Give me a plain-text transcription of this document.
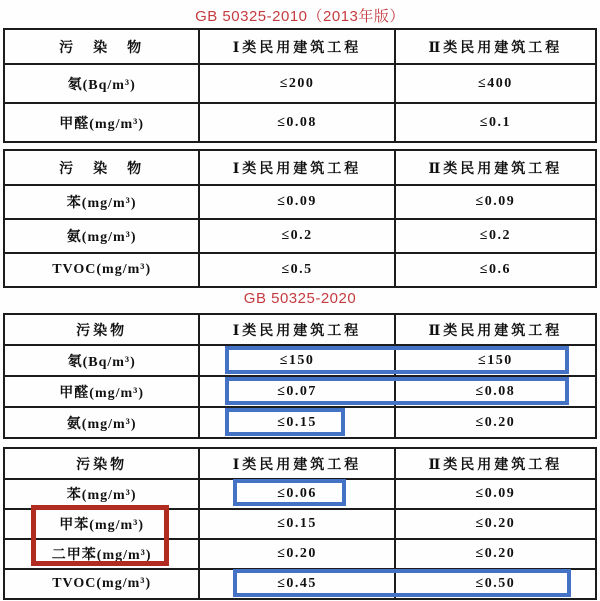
GB 50325-2010（2013年版）
污　染　物	Ⅰ类民用建筑工程	Ⅱ类民用建筑工程
氡(Bq/m³)	≤200	≤400
甲醛(mg/m³)	≤0.08	≤0.1
污　染　物	Ⅰ类民用建筑工程	Ⅱ类民用建筑工程
苯(mg/m³)	≤0.09	≤0.09
氨(mg/m³)	≤0.2	≤0.2
TVOC(mg/m³)	≤0.5	≤0.6
GB 50325-2020
污染物	Ⅰ类民用建筑工程	Ⅱ类民用建筑工程
氡(Bq/m³)	≤150	≤150
甲醛(mg/m³)	≤0.07	≤0.08
氨(mg/m³)	≤0.15	≤0.20
污染物	Ⅰ类民用建筑工程	Ⅱ类民用建筑工程
苯(mg/m³)	≤0.06	≤0.09
甲苯(mg/m³)	≤0.15	≤0.20
二甲苯(mg/m³)	≤0.20	≤0.20
TVOC(mg/m³)	≤0.45	≤0.50
